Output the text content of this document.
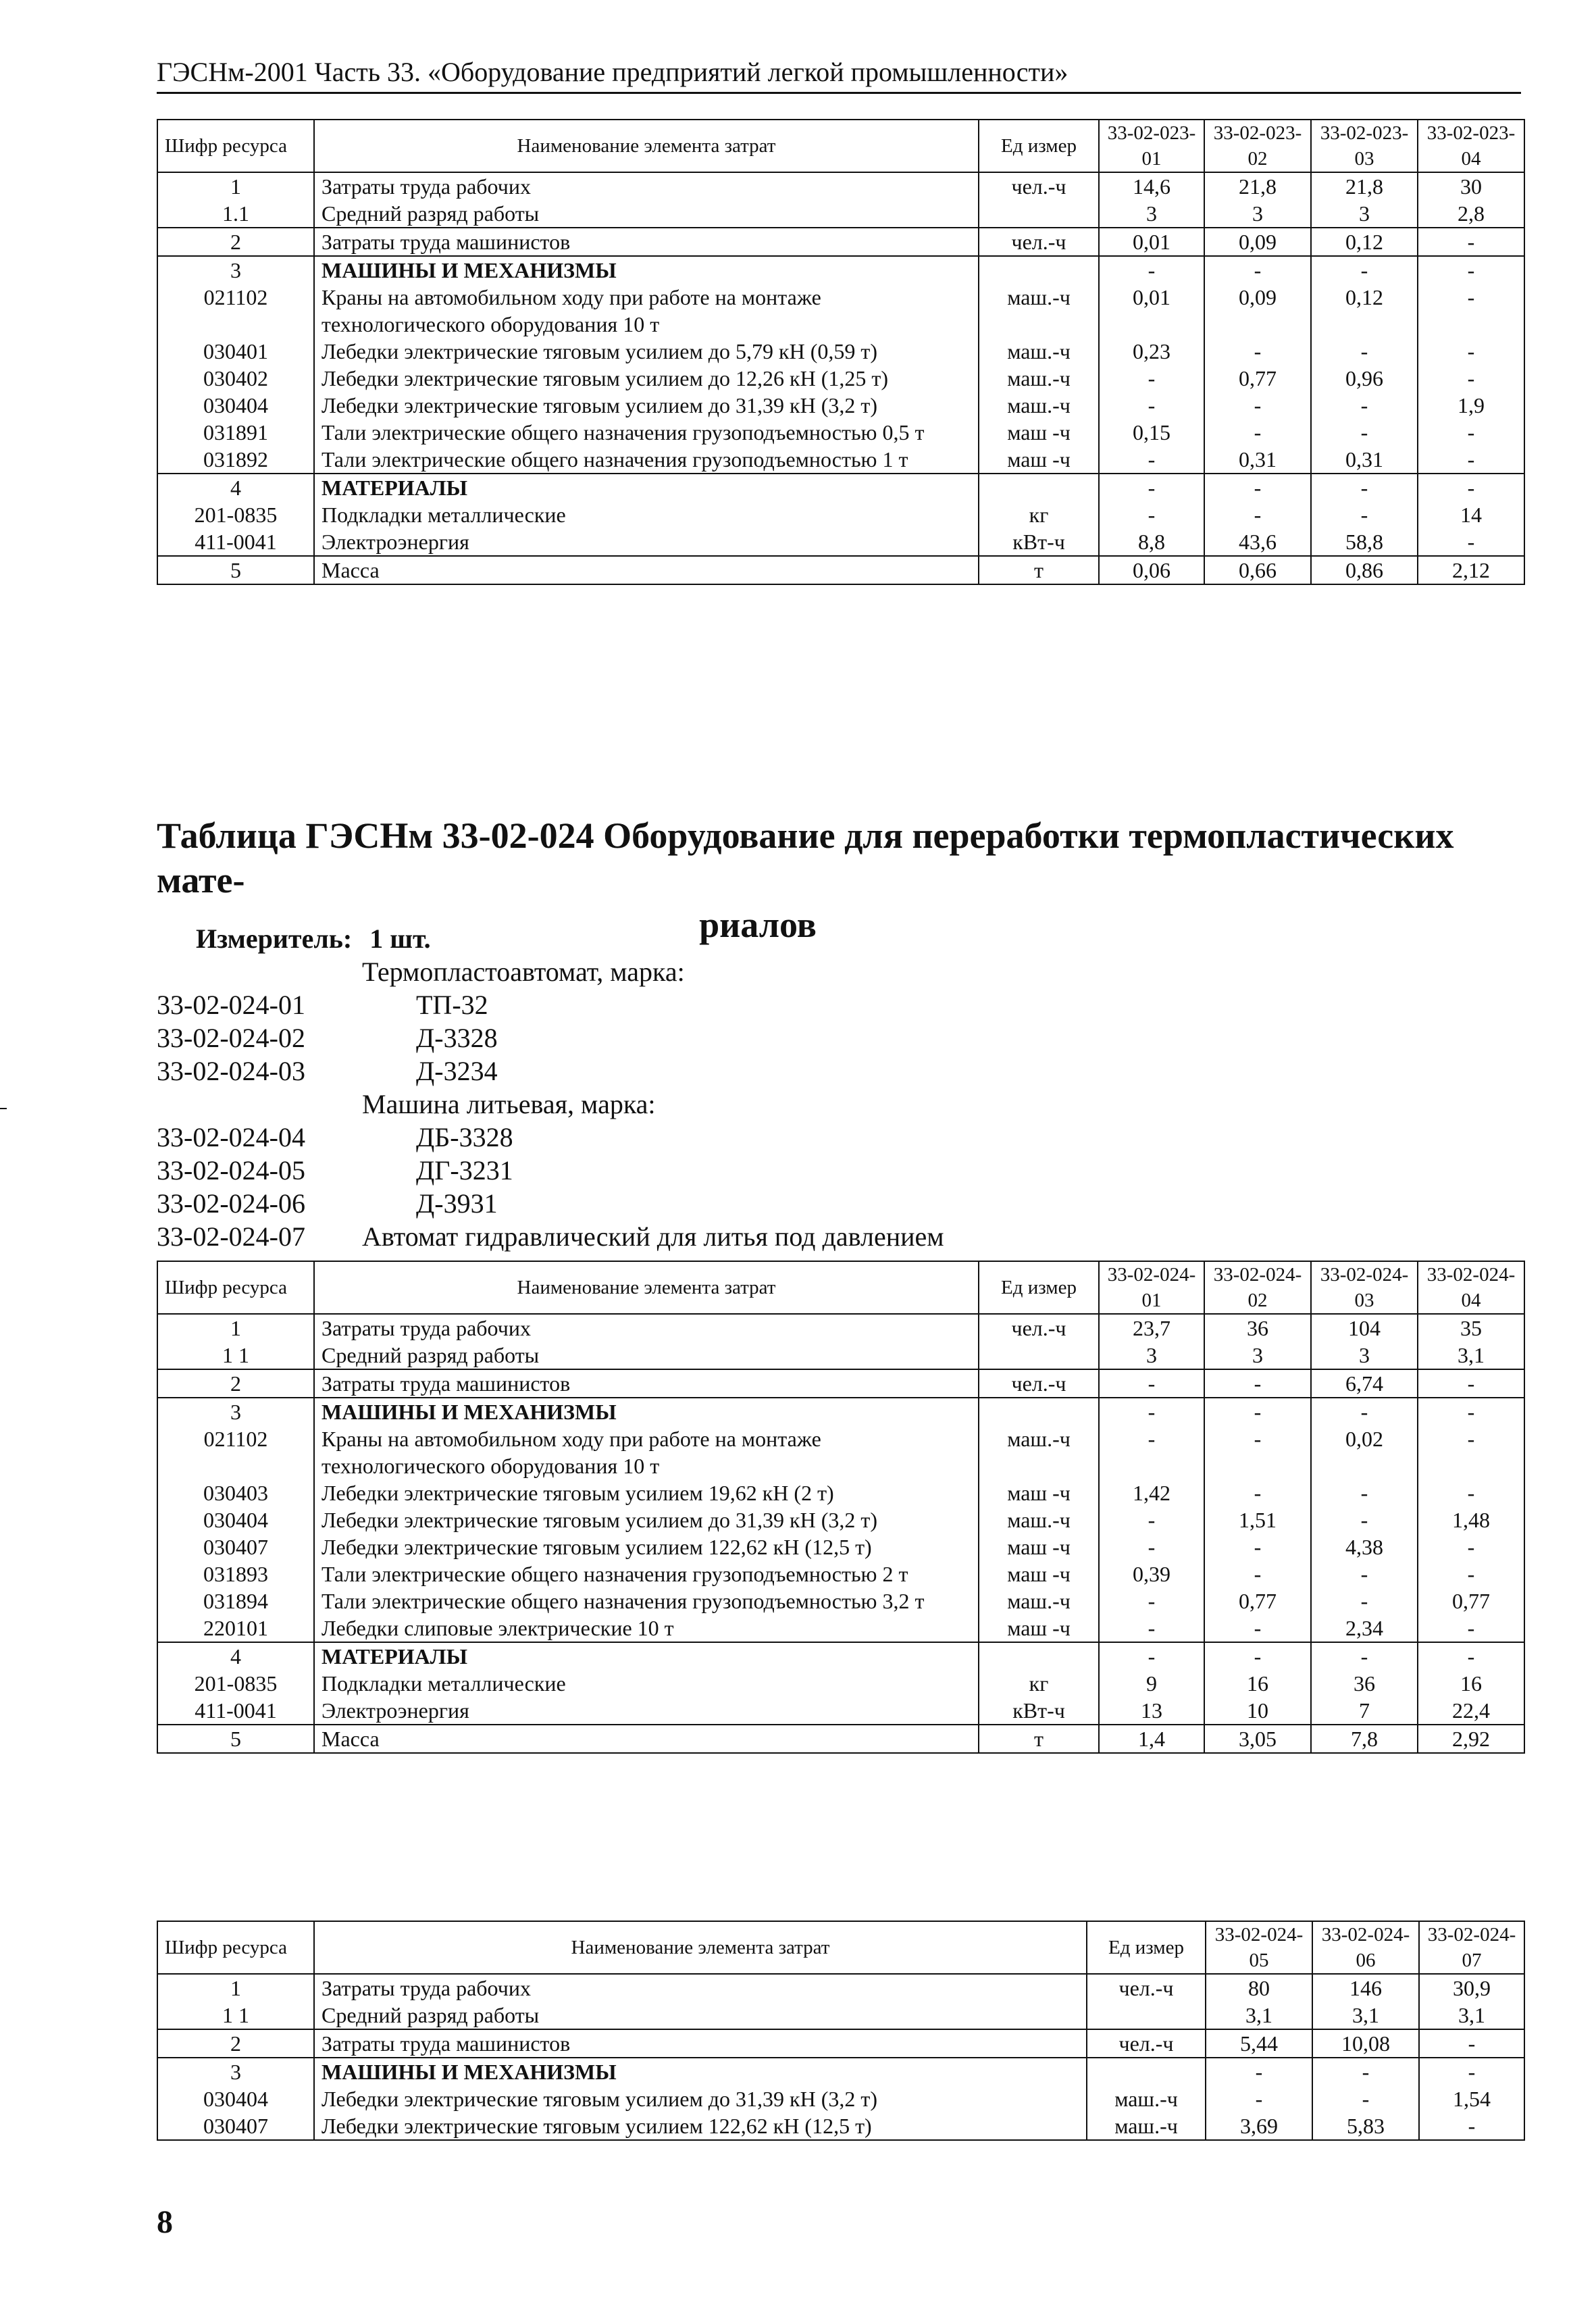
ГЭСНм-2001 Часть 33. «Оборудование предприятий легкой промышленности»
Шифр ресурса	Наименование элемента затрат	Ед измер	33-02-023-01	33-02-023-02	33-02-023-03	33-02-023-04
1	Затраты труда рабочих	чел.-ч	14,6	21,8	21,8	30
1.1	Средний разряд работы		3	3	3	2,8
2	Затраты труда машинистов	чел.-ч	0,01	0,09	0,12	-
3	МАШИНЫ И МЕХАНИЗМЫ		-	-	-	-
021102	Краны на автомобильном ходу при работе на монтаже технологического оборудования 10 т	маш.-ч	0,01	0,09	0,12	-
030401	Лебедки электрические тяговым усилием до 5,79 кН (0,59 т)	маш.-ч	0,23	-	-	-
030402	Лебедки электрические тяговым усилием до 12,26 кН (1,25 т)	маш.-ч	-	0,77	0,96	-
030404	Лебедки электрические тяговым усилием до 31,39 кН (3,2 т)	маш.-ч	-	-	-	1,9
031891	Тали электрические общего назначения грузоподъемностью 0,5 т	маш -ч	0,15	-	-	-
031892	Тали электрические общего назначения грузоподъемностью 1 т	маш -ч	-	0,31	0,31	-
4	МАТЕРИАЛЫ		-	-	-	-
201-0835	Подкладки металлические	кг	-	-	-	14
411-0041	Электроэнергия	кВт-ч	8,8	43,6	58,8	-
5	Масса	т	0,06	0,66	0,86	2,12
Таблица ГЭСНм 33-02-024 Оборудование для переработки термопластических мате-
риалов
Измеритель: 1 шт.
Термопластоавтомат, марка:
33-02-024-01	ТП-32
33-02-024-02	Д-3328
33-02-024-03	Д-3234
Машина литьевая, марка:
33-02-024-04	ДБ-3328
33-02-024-05	ДГ-3231
33-02-024-06	Д-3931
33-02-024-07	Автомат гидравлический для литья под давлением
Шифр ресурса	Наименование элемента затрат	Ед измер	33-02-024-01	33-02-024-02	33-02-024-03	33-02-024-04
1	Затраты труда рабочих	чел.-ч	23,7	36	104	35
1 1	Средний разряд работы		3	3	3	3,1
2	Затраты труда машинистов	чел.-ч	-	-	6,74	-
3	МАШИНЫ И МЕХАНИЗМЫ		-	-	-	-
021102	Краны на автомобильном ходу при работе на монтаже технологического оборудования 10 т	маш.-ч	-	-	0,02	-
030403	Лебедки электрические тяговым усилием 19,62 кН (2 т)	маш -ч	1,42	-	-	-
030404	Лебедки электрические тяговым усилием до 31,39 кН (3,2 т)	маш.-ч	-	1,51	-	1,48
030407	Лебедки электрические тяговым усилием 122,62 кН (12,5 т)	маш -ч	-	-	4,38	-
031893	Тали электрические общего назначения грузоподъемностью 2 т	маш -ч	0,39	-	-	-
031894	Тали электрические общего назначения грузоподъемностью 3,2 т	маш.-ч	-	0,77	-	0,77
220101	Лебедки слиповые электрические 10 т	маш -ч	-	-	2,34	-
4	МАТЕРИАЛЫ		-	-	-	-
201-0835	Подкладки металлические	кг	9	16	36	16
411-0041	Электроэнергия	кВт-ч	13	10	7	22,4
5	Масса	т	1,4	3,05	7,8	2,92
Шифр ресурса	Наименование элемента затрат	Ед измер	33-02-024-05	33-02-024-06	33-02-024-07
1	Затраты труда рабочих	чел.-ч	80	146	30,9
1 1	Средний разряд работы		3,1	3,1	3,1
2	Затраты труда машинистов	чел.-ч	5,44	10,08	-
3	МАШИНЫ И МЕХАНИЗМЫ		-	-	-
030404	Лебедки электрические тяговым усилием до 31,39 кН (3,2 т)	маш.-ч	-	-	1,54
030407	Лебедки электрические тяговым усилием 122,62 кН (12,5 т)	маш.-ч	3,69	5,83	-
8
